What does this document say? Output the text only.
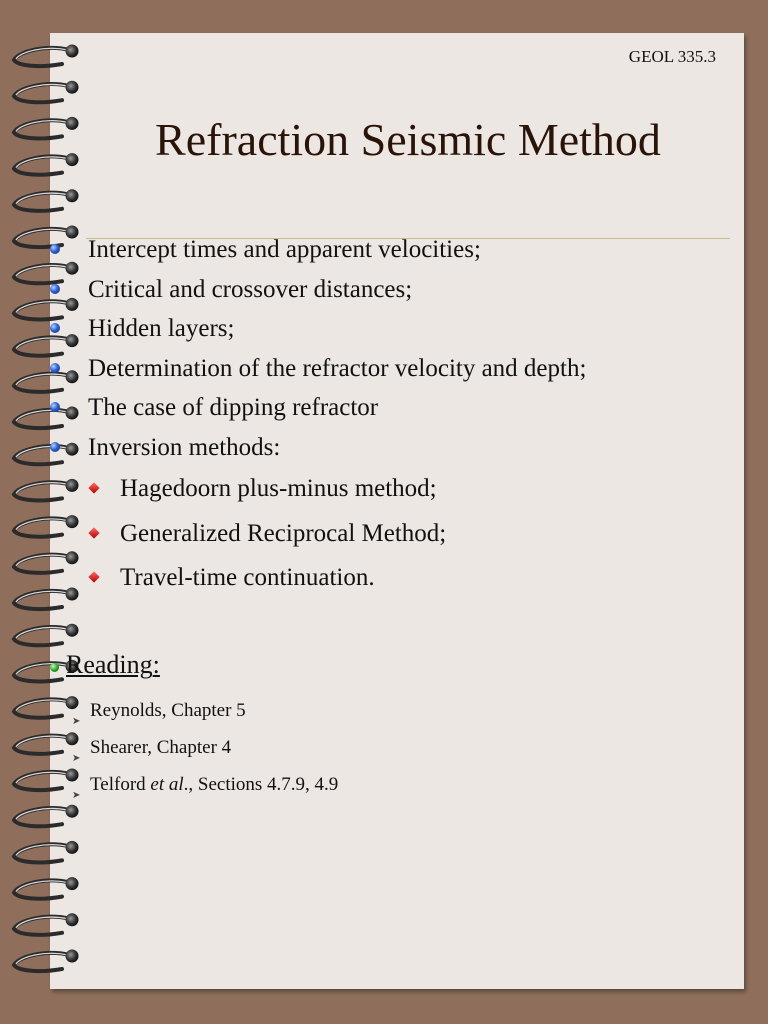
GEOL 335.3
Refraction Seismic Method
Intercept times and apparent velocities;
Critical and crossover distances;
Hidden layers;
Determination of the refractor velocity and depth;
The case of dipping refractor
Inversion methods:
Hagedoorn plus-minus method;
Generalized Reciprocal Method;
Travel-time continuation.
Reading:
➤
Reynolds, Chapter 5
➤
Shearer, Chapter 4
➤
Telford et al., Sections 4.7.9, 4.9
